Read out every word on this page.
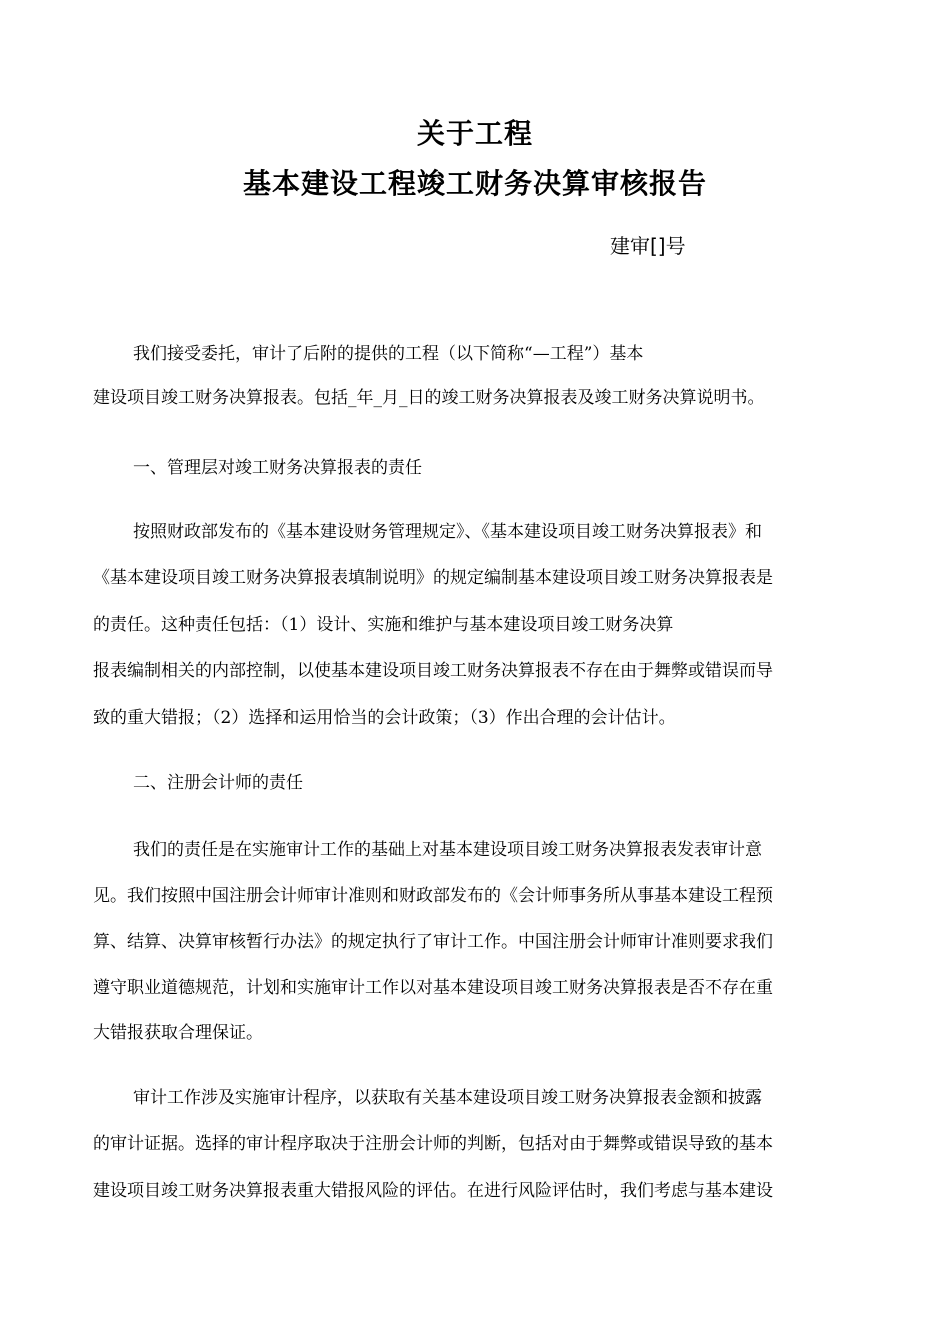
关于工程
基本建设工程竣工财务决算审核报告
建审[]号
我们接受委托，审计了后附的提供的工程（以下简称“—工程”）基本
建设项目竣工财务决算报表。包括_年_月_日的竣工财务决算报表及竣工财务决算说明书。
一、管理层对竣工财务决算报表的责任
按照财政部发布的《基本建设财务管理规定》、《基本建设项目竣工财务决算报表》和
《基本建设项目竣工财务决算报表填制说明》的规定编制基本建设项目竣工财务决算报表是
的责任。这种责任包括：（1）设计、实施和维护与基本建设项目竣工财务决算
报表编制相关的内部控制，以使基本建设项目竣工财务决算报表不存在由于舞弊或错误而导
致的重大错报；（2）选择和运用恰当的会计政策；（3）作出合理的会计估计。
二、注册会计师的责任
我们的责任是在实施审计工作的基础上对基本建设项目竣工财务决算报表发表审计意
见。我们按照中国注册会计师审计准则和财政部发布的《会计师事务所从事基本建设工程预
算、结算、决算审核暂行办法》的规定执行了审计工作。中国注册会计师审计准则要求我们
遵守职业道德规范，计划和实施审计工作以对基本建设项目竣工财务决算报表是否不存在重
大错报获取合理保证。
审计工作涉及实施审计程序，以获取有关基本建设项目竣工财务决算报表金额和披露
的审计证据。选择的审计程序取决于注册会计师的判断，包括对由于舞弊或错误导致的基本
建设项目竣工财务决算报表重大错报风险的评估。在进行风险评估时，我们考虑与基本建设
